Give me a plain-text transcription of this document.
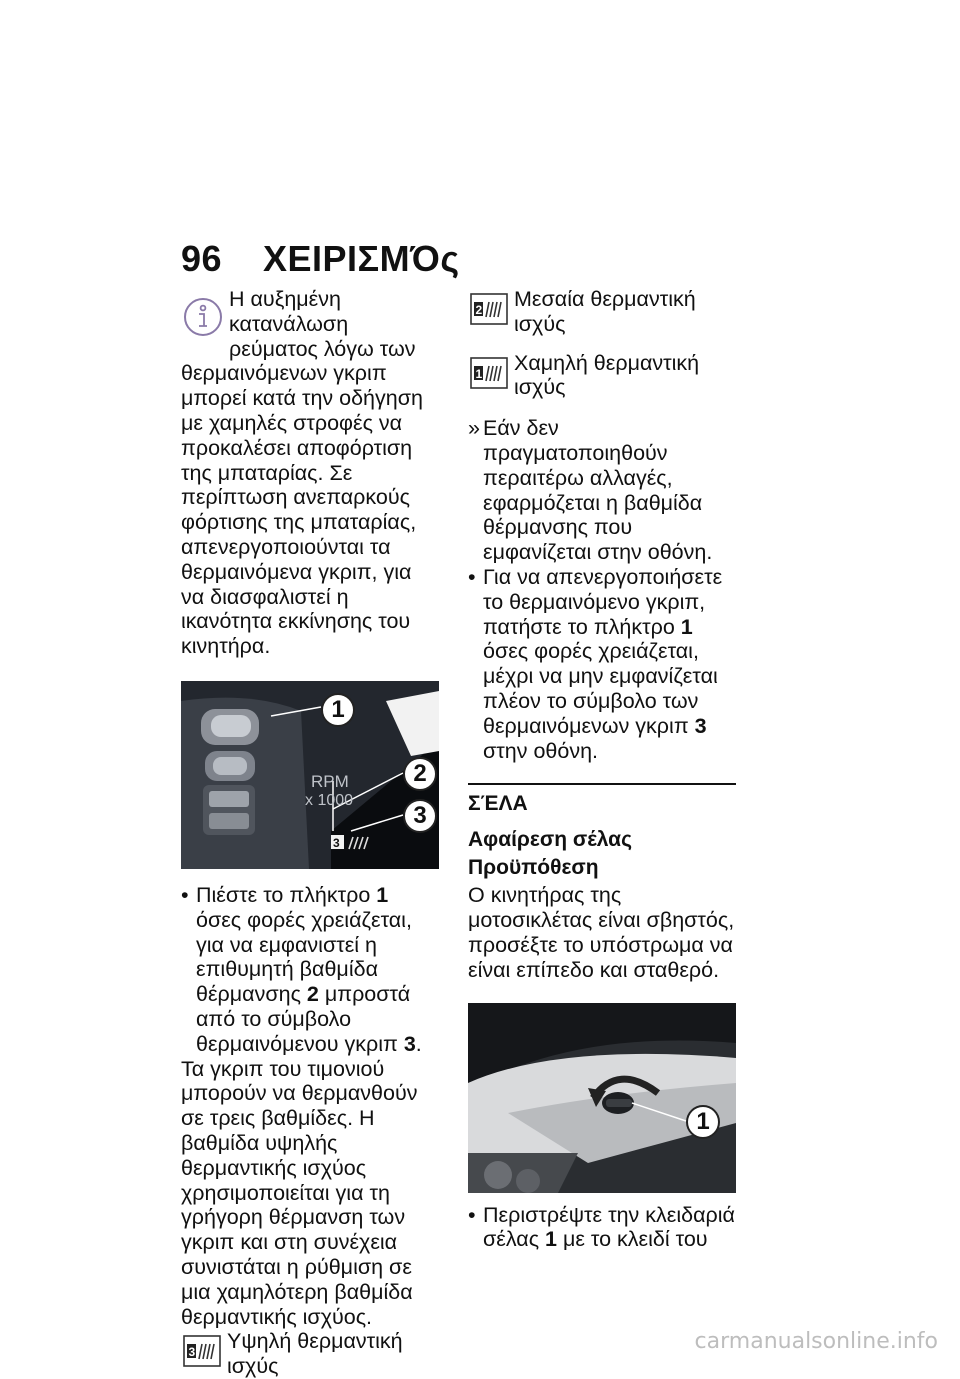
96 ΧΕΙΡΙΣΜΌς

Η αυξημένη κατανάλωση ρεύματος λόγω των θερμαινόμενων γκριπ μπορεί κατά την οδήγηση με χαμηλές στροφές να προκαλέσει αποφόρτιση της μπαταρίας. Σε περίπτωση ανεπαρκούς φόρτισης της μπαταρίας, απενεργοποιούνται τα θερμαινόμενα γκριπ, για να διασφαλιστεί η ικανότητα εκκίνησης του κινητήρα.

RPM
x 1000
3
1
2
3
• Πιέστε το πλήκτρο 1 όσες φορές χρειάζεται, για να εμφανιστεί η επιθυμητή βαθμίδα θέρμανσης 2 μπροστά από το σύμβολο θερμαινόμενου γκριπ 3.

Τα γκριπ του τιμονιού μπορούν να θερμανθούν σε τρεις βαθμίδες. Η βαθμίδα υψηλής θερμαντικής ισχύος χρησιμοποιείται για τη γρήγορη θέρμανση των γκριπ και στη συνέχεια συνιστάται η ρύθμιση σε μια χαμηλότερη βαθμίδα θερμαντικής ισχύος.

3 Υψηλή θερμαντική ισχύς
2 Μεσαία θερμαντική ισχύς
1 Χαμηλή θερμαντική ισχύς
» Εάν δεν πραγματοποιηθούν περαιτέρω αλλαγές, εφαρμόζεται η βαθμίδα θέρμανσης που εμφανίζεται στην οθόνη.
• Για να απενεργοποιήσετε το θερμαινόμενο γκριπ, πατήστε το πλήκτρο 1 όσες φορές χρειάζεται, μέχρι να μην εμφανίζεται πλέον το σύμβολο των θερμαινόμενων γκριπ 3 στην οθόνη.
ΣΈΛΑ
Αφαίρεση σέλας
Προϋπόθεση

Ο κινητήρας της μοτοσικλέτας είναι σβηστός, προσέξτε το υπόστρωμα να είναι επίπεδο και σταθερό.

1
• Περιστρέψτε την κλειδαριά σέλας 1 με το κλειδί του
carmanualsonline.info
